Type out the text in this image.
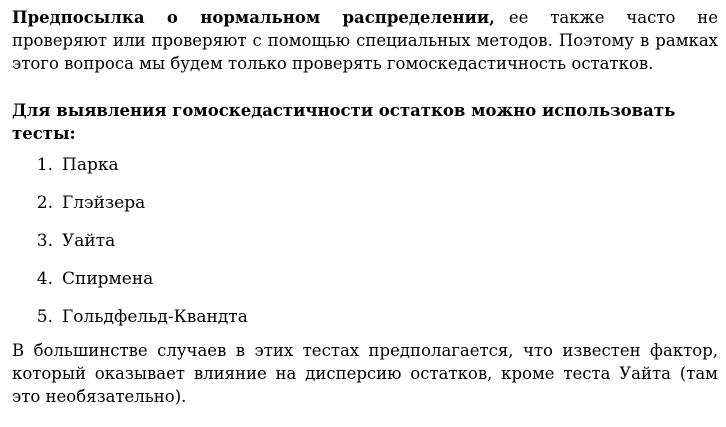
Предпосылка о нормальном распределении, ее также часто не проверяют или проверяют с помощью специальных методов. Поэтому в рамках этого вопроса мы будем только проверять гомоскедастичность остатков.

Для выявления гомоскедастичности остатков можно использовать тесты:

1. Парка
2. Глэйзера
3. Уайта
4. Спирмена
5. Гольдфельд-Квандта

В большинстве случаев в этих тестах предполагается, что известен фактор, который оказывает влияние на дисперсию остатков, кроме теста Уайта (там это необязательно).
